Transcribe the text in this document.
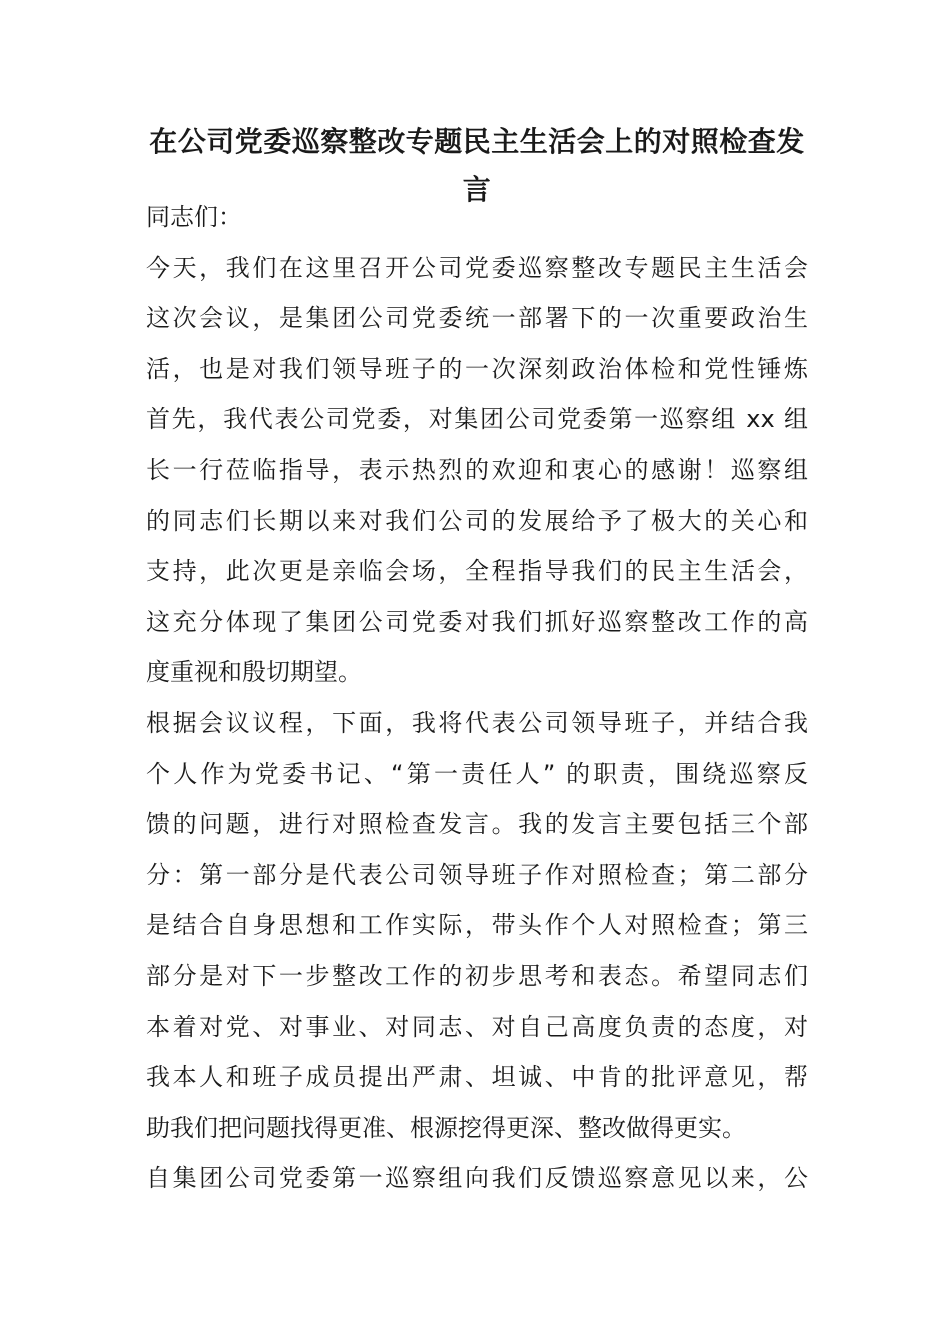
在公司党委巡察整改专题民主生活会上的对照检查发
言
同志们：
今天，我们在这里召开公司党委巡察整改专题民主生活会
这次会议，是集团公司党委统一部署下的一次重要政治生
活，也是对我们领导班子的一次深刻政治体检和党性锤炼
首先，我代表公司党委，对集团公司党委第一巡察组 xx 组
长一行莅临指导，表示热烈的欢迎和衷心的感谢！巡察组
的同志们长期以来对我们公司的发展给予了极大的关心和
支持，此次更是亲临会场，全程指导我们的民主生活会，
这充分体现了集团公司党委对我们抓好巡察整改工作的高
度重视和殷切期望。
根据会议议程，下面，我将代表公司领导班子，并结合我
个人作为党委书记、“第一责任人” 的职责，围绕巡察反
馈的问题，进行对照检查发言。我的发言主要包括三个部
分：第一部分是代表公司领导班子作对照检查；第二部分
是结合自身思想和工作实际，带头作个人对照检查；第三
部分是对下一步整改工作的初步思考和表态。希望同志们
本着对党、对事业、对同志、对自己高度负责的态度，对
我本人和班子成员提出严肃、坦诚、中肯的批评意见，帮
助我们把问题找得更准、根源挖得更深、整改做得更实。
自集团公司党委第一巡察组向我们反馈巡察意见以来，公
